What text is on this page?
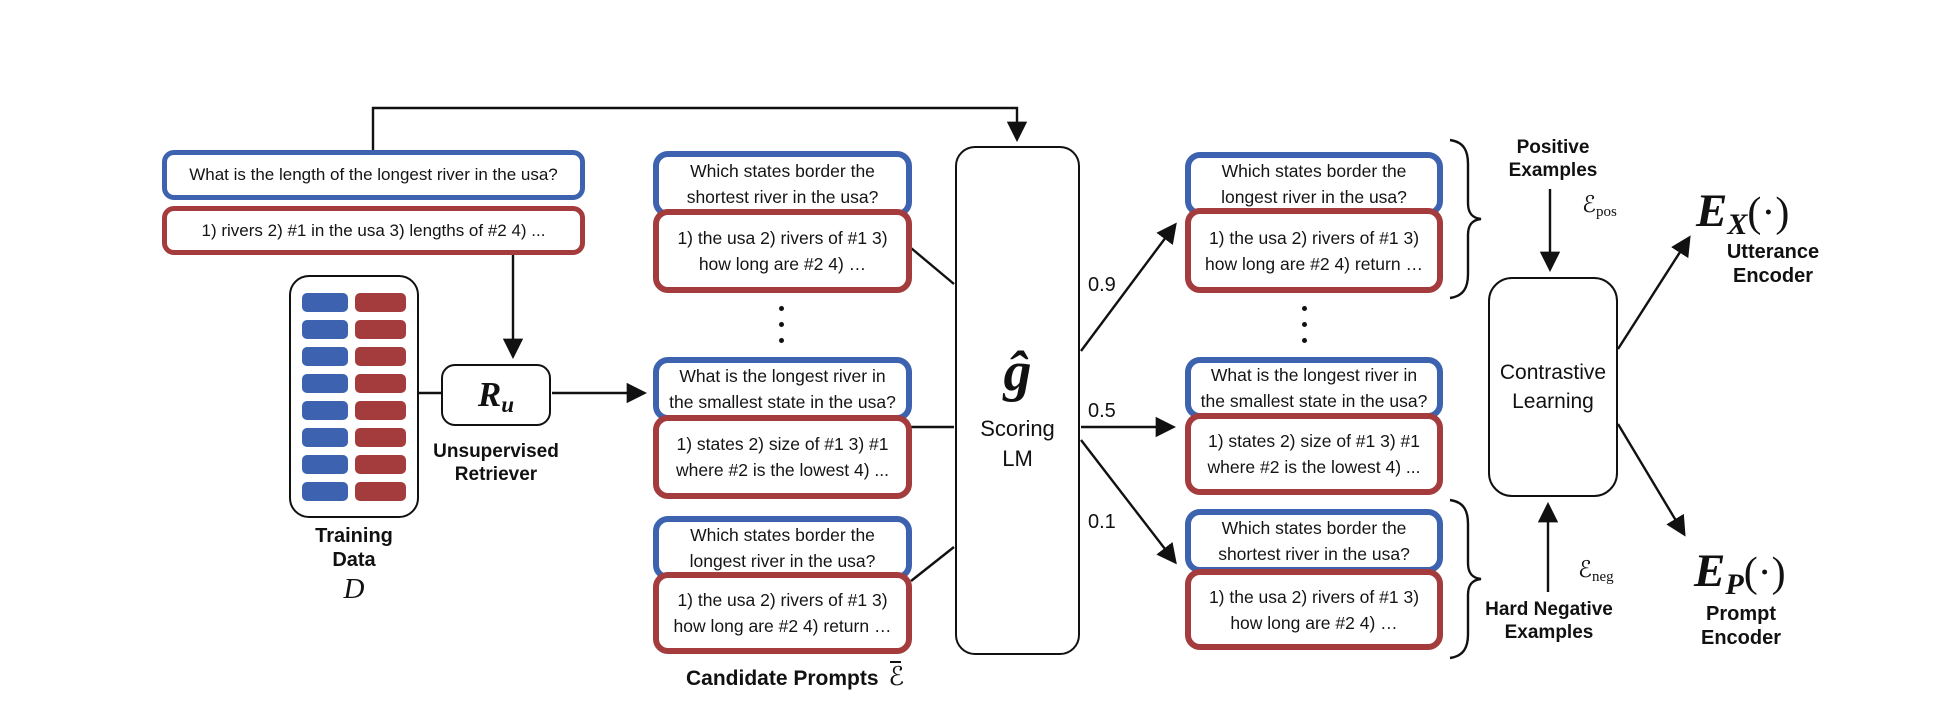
What is the length of the longest river in the usa?
1) rivers 2) #1 in the usa 3) lengths of #2 4) ...
Training
Data
D
$R_u$
Unsupervised
Retriever
Which states border the shortest river in the usa?
1) the usa 2) rivers of #1 3) how long are #2 4) …
What is the longest river in the smallest state in the usa?
1) states 2) size of #1 3) #1 where #2 is the lowest 4) ...
Which states border the longest river in the usa?
1) the usa 2) rivers of #1 3) how long are #2 4) return …
Candidate Prompts ℰ
ĝ
Scoring
LM
0.9
0.5
0.1
Which states border the longest river in the usa?
1) the usa 2) rivers of #1 3) how long are #2 4) return …
What is the longest river in the smallest state in the usa?
1) states 2) size of #1 3) #1 where #2 is the lowest 4) ...
Which states border the shortest river in the usa?
1) the usa 2) rivers of #1 3) how long are #2 4) …
Positive
Examples
ℰ$_{pos}$
ℰ$_{neg}$
Hard Negative
Examples
Contrastive
Learning
$E_X(\cdot)$
Utterance
Encoder
$E_P(\cdot)$
Prompt
Encoder
